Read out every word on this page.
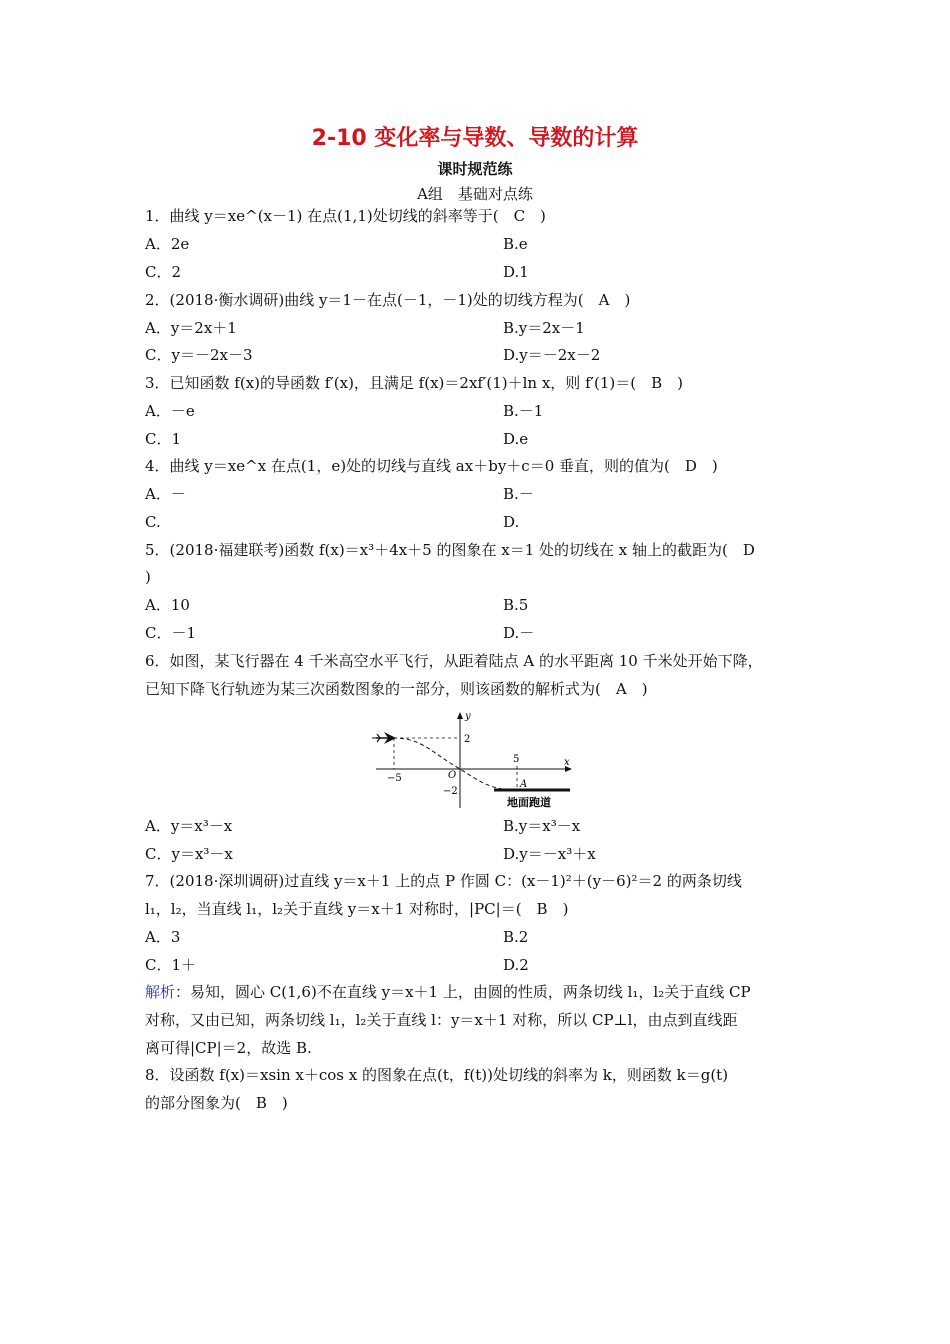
2-10 变化率与导数、导数的计算
课时规范练
A组　基础对点练
1．曲线 y＝xe^(x－1) 在点(1,1)处切线的斜率等于(　C　)
A．2e	B.e
C．2	D.1
2．(2018·衡水调研)曲线 y＝1－在点(－1，－1)处的切线方程为(　A　)
A．y＝2x＋1	B.y＝2x－1
C．y＝－2x－3	D.y＝－2x－2
3．已知函数 f(x)的导函数 f′(x)，且满足 f(x)＝2xf′(1)＋ln x，则 f′(1)＝(　B　)
A．－e	B.－1
C．1	D.e
4．曲线 y＝xe^x 在点(1，e)处的切线与直线 ax＋by＋c＝0 垂直，则的值为(　D　)
A．－	B.－
C.	D.
5．(2018·福建联考)函数 f(x)＝x³＋4x＋5 的图象在 x＝1 处的切线在 x 轴上的截距为(　D
)
A．10	B.5
C．－1	D.－
6．如图，某飞行器在 4 千米高空水平飞行，从距着陆点 A 的水平距离 10 千米处开始下降，
已知下降飞行轨迹为某三次函数图象的一部分，则该函数的解析式为(　A　)
y
x
O
2
−2
−5
5
A
地面跑道
A．y＝x³－x	B.y＝x³－x
C．y＝x³－x	D.y＝－x³＋x
7．(2018·深圳调研)过直线 y＝x＋1 上的点 P 作圆 C：(x－1)²＋(y－6)²＝2 的两条切线
l₁，l₂，当直线 l₁，l₂关于直线 y＝x＋1 对称时，|PC|＝(　B　)
A．3	B.2
C．1＋	D.2
解析：易知，圆心 C(1,6)不在直线 y＝x＋1 上，由圆的性质，两条切线 l₁，l₂关于直线 CP
对称，又由已知，两条切线 l₁，l₂关于直线 l：y＝x＋1 对称，所以 CP⊥l，由点到直线距
离可得|CP|＝2，故选 B.
8．设函数 f(x)＝xsin x＋cos x 的图象在点(t，f(t))处切线的斜率为 k，则函数 k＝g(t)
的部分图象为(　B　)
